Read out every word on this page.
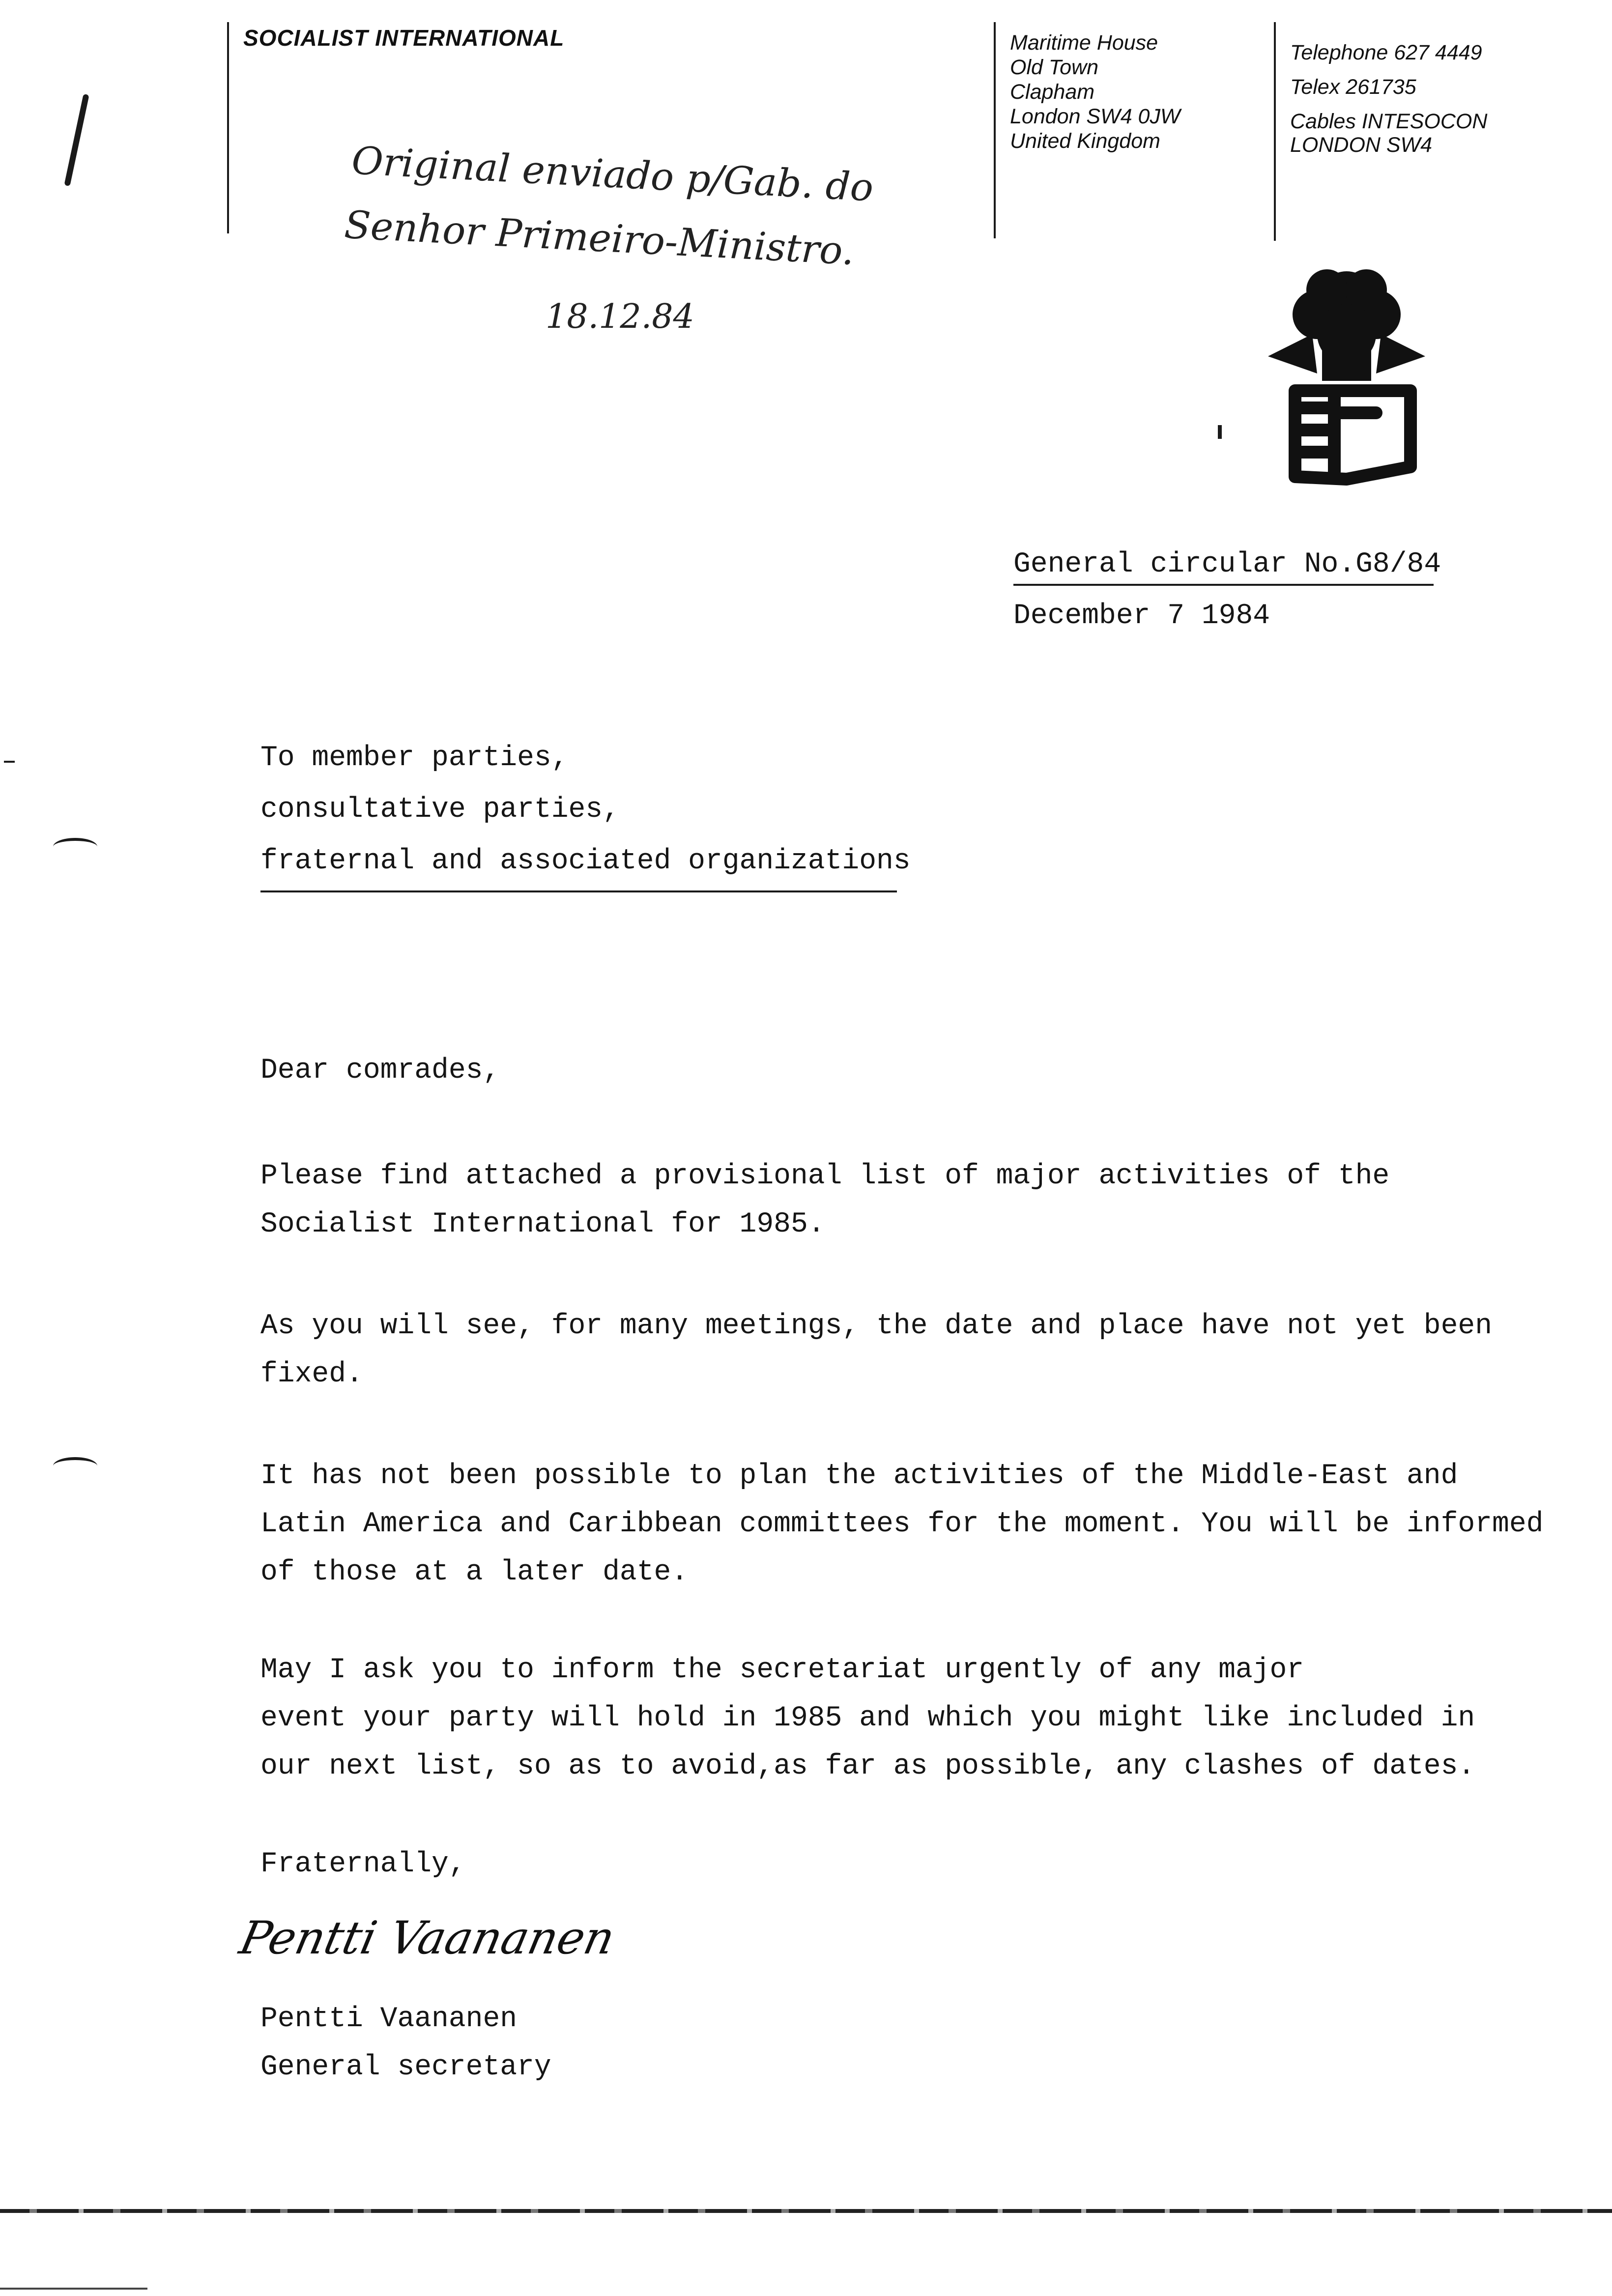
SOCIALIST INTERNATIONAL	Maritime House
Old Town
Clapham
London SW4 0JW
United Kingdom
Telephone 627 4449
Telex 261735
Cables INTESOCON
LONDON SW4
Original enviado p/Gab. do
Senhor Primeiro-Ministro.
18.12.84
General circular No.G8/84
December 7 1984
To member parties,
consultative parties,
fraternal and associated organizations
Dear comrades,
Please find attached a provisional list of major activities of the
Socialist International for 1985.
As you will see, for many meetings, the date and place have not yet been
fixed.
It has not been possible to plan the activities of the Middle-East and
Latin America and Caribbean committees for the moment. You will be informed
of those at a later date.
May I ask you to inform the secretariat urgently of any major
event your party will hold in 1985 and which you might like included in
our next list, so as to avoid,as far as possible, any clashes of dates.
Fraternally,
Pentti Vaananen
Pentti Vaananen
General secretary
